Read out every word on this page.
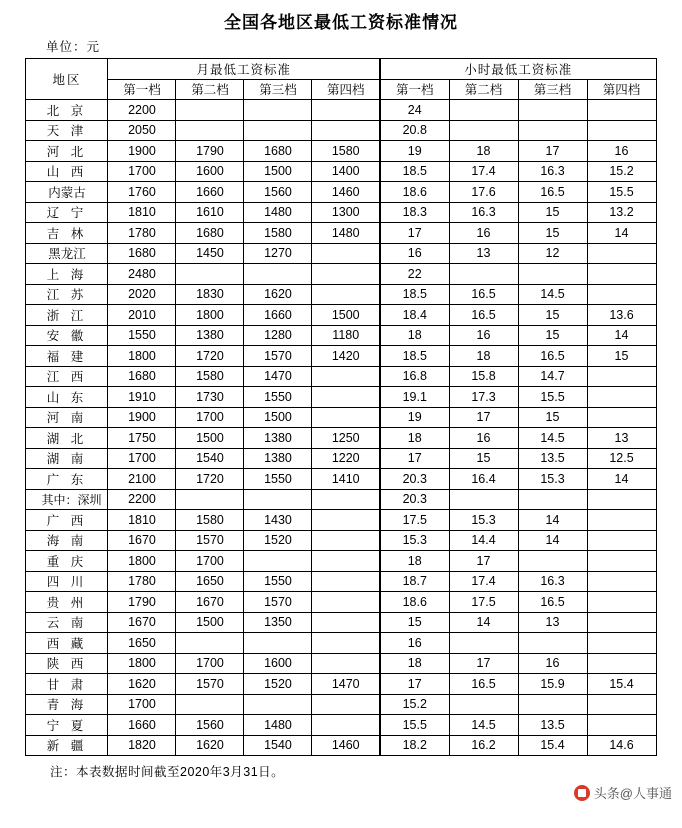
全国各地区最低工资标准情况
单位：元
地区	月最低工资标准				小时最低工资标准			
	第一档	第二档	第三档	第四档	第一档	第二档	第三档	第四档
北 京	2200				24			
天 津	2050				20.8			
河 北	1900	1790	1680	1580	19	18	17	16
山 西	1700	1600	1500	1400	18.5	17.4	16.3	15.2
内蒙古	1760	1660	1560	1460	18.6	17.6	16.5	15.5
辽 宁	1810	1610	1480	1300	18.3	16.3	15	13.2
吉 林	1780	1680	1580	1480	17	16	15	14
黑龙江	1680	1450	1270		16	13	12	
上 海	2480				22			
江 苏	2020	1830	1620		18.5	16.5	14.5	
浙 江	2010	1800	1660	1500	18.4	16.5	15	13.6
安 徽	1550	1380	1280	1180	18	16	15	14
福 建	1800	1720	1570	1420	18.5	18	16.5	15
江 西	1680	1580	1470		16.8	15.8	14.7	
山 东	1910	1730	1550		19.1	17.3	15.5	
河 南	1900	1700	1500		19	17	15	
湖 北	1750	1500	1380	1250	18	16	14.5	13
湖 南	1700	1540	1380	1220	17	15	13.5	12.5
广 东	2100	1720	1550	1410	20.3	16.4	15.3	14
其中：深圳	2200				20.3			
广 西	1810	1580	1430		17.5	15.3	14	
海 南	1670	1570	1520		15.3	14.4	14	
重 庆	1800	1700			18	17		
四 川	1780	1650	1550		18.7	17.4	16.3	
贵 州	1790	1670	1570		18.6	17.5	16.5	
云 南	1670	1500	1350		15	14	13	
西 藏	1650				16			
陕 西	1800	1700	1600		18	17	16	
甘 肃	1620	1570	1520	1470	17	16.5	15.9	15.4
青 海	1700				15.2			
宁 夏	1660	1560	1480		15.5	14.5	13.5	
新 疆	1820	1620	1540	1460	18.2	16.2	15.4	14.6
注：本表数据时间截至2020年3月31日。
头条@人事通
